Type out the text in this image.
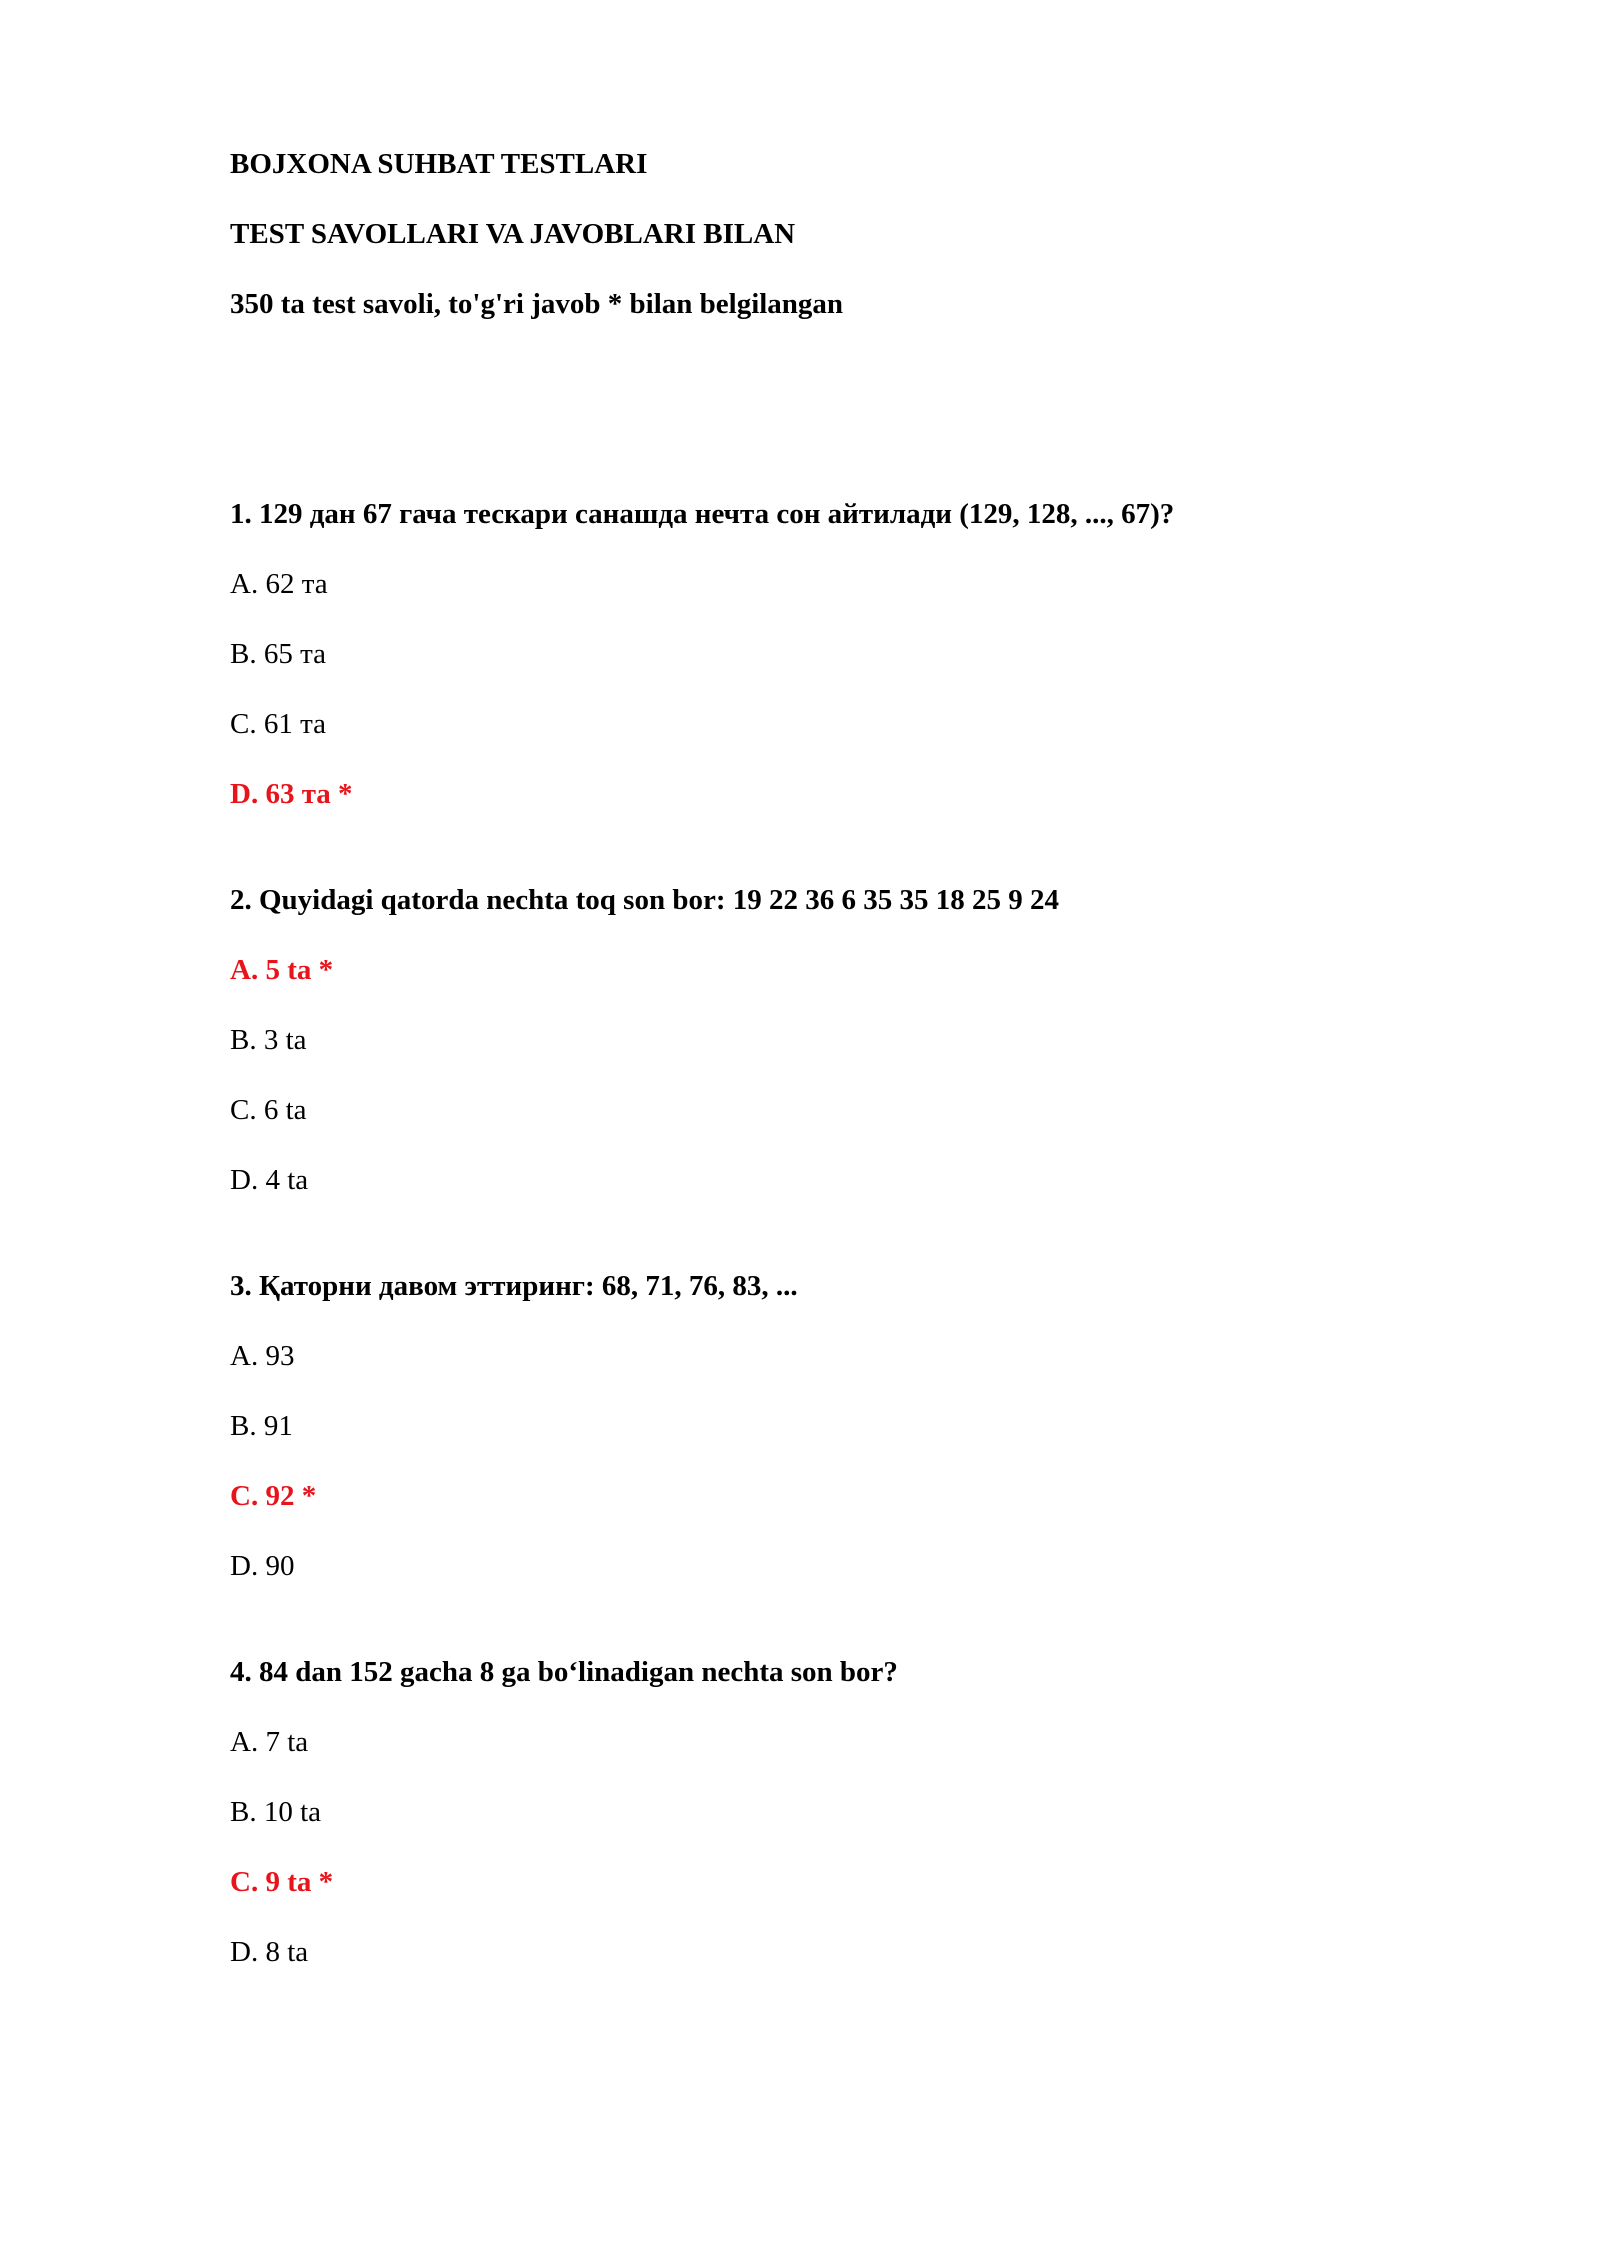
BOJXONA SUHBAT TESTLARI
TEST SAVOLLARI VA JAVOBLARI BILAN
350 ta test savoli, to'g'ri javob * bilan belgilangan
1. 129 дан 67 гача тескари санашда нечта сон айтилади (129, 128, ..., 67)?
A. 62 та
B. 65 та
C. 61 та
D. 63 та *
2. Quyidagi qatorda nechta toq son bor: 19 22 36 6 35 35 18 25 9 24
A. 5 ta *
B. 3 ta
C. 6 ta
D. 4 ta
3. Қаторни давом эттиринг: 68, 71, 76, 83, ...
A. 93
B. 91
C. 92 *
D. 90
4. 84 dan 152 gacha 8 ga bo‘linadigan nechta son bor?
A. 7 ta
B. 10 ta
C. 9 ta *
D. 8 ta
